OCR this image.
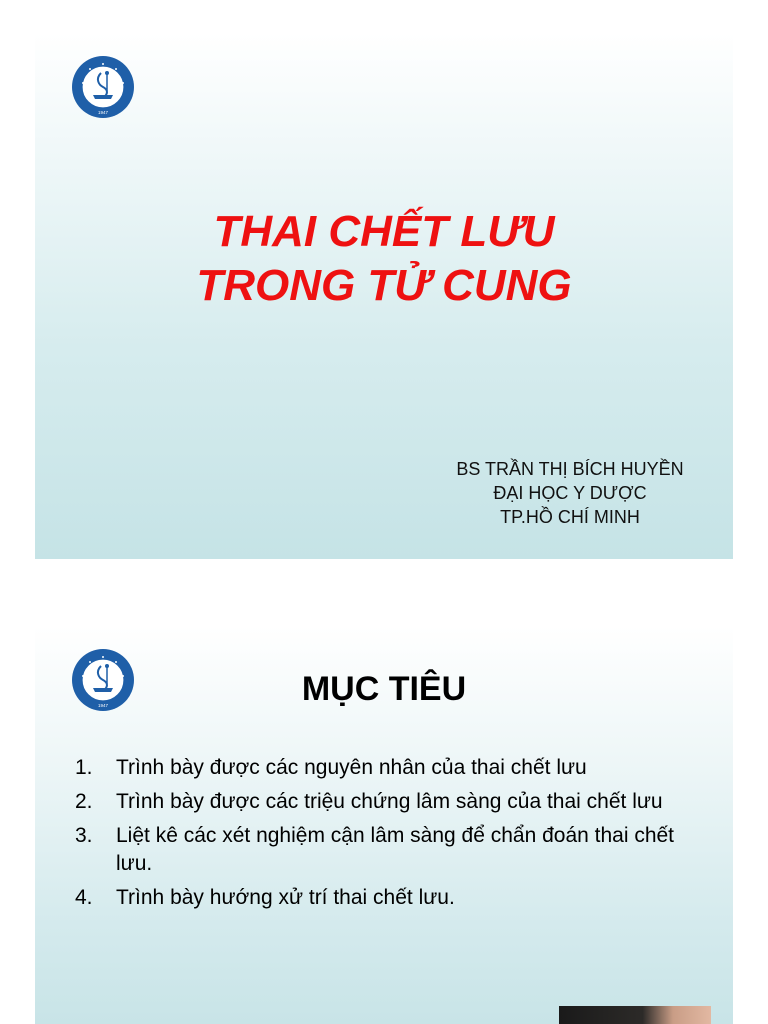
1947
THAI CHẾT LƯU
TRONG TỬ CUNG
BS TRẦN THỊ BÍCH HUYỀN
ĐẠI HỌC Y DƯỢC
TP.HỒ CHÍ MINH
1947	MỤC TIÊU
1. Trình bày được các nguyên nhân của thai chết lưu
2. Trình bày được các triệu chứng lâm sàng của thai chết lưu
3. Liệt kê các xét nghiệm cận lâm sàng để chẩn đoán thai chết lưu.
4. Trình bày hướng xử trí thai chết lưu.
